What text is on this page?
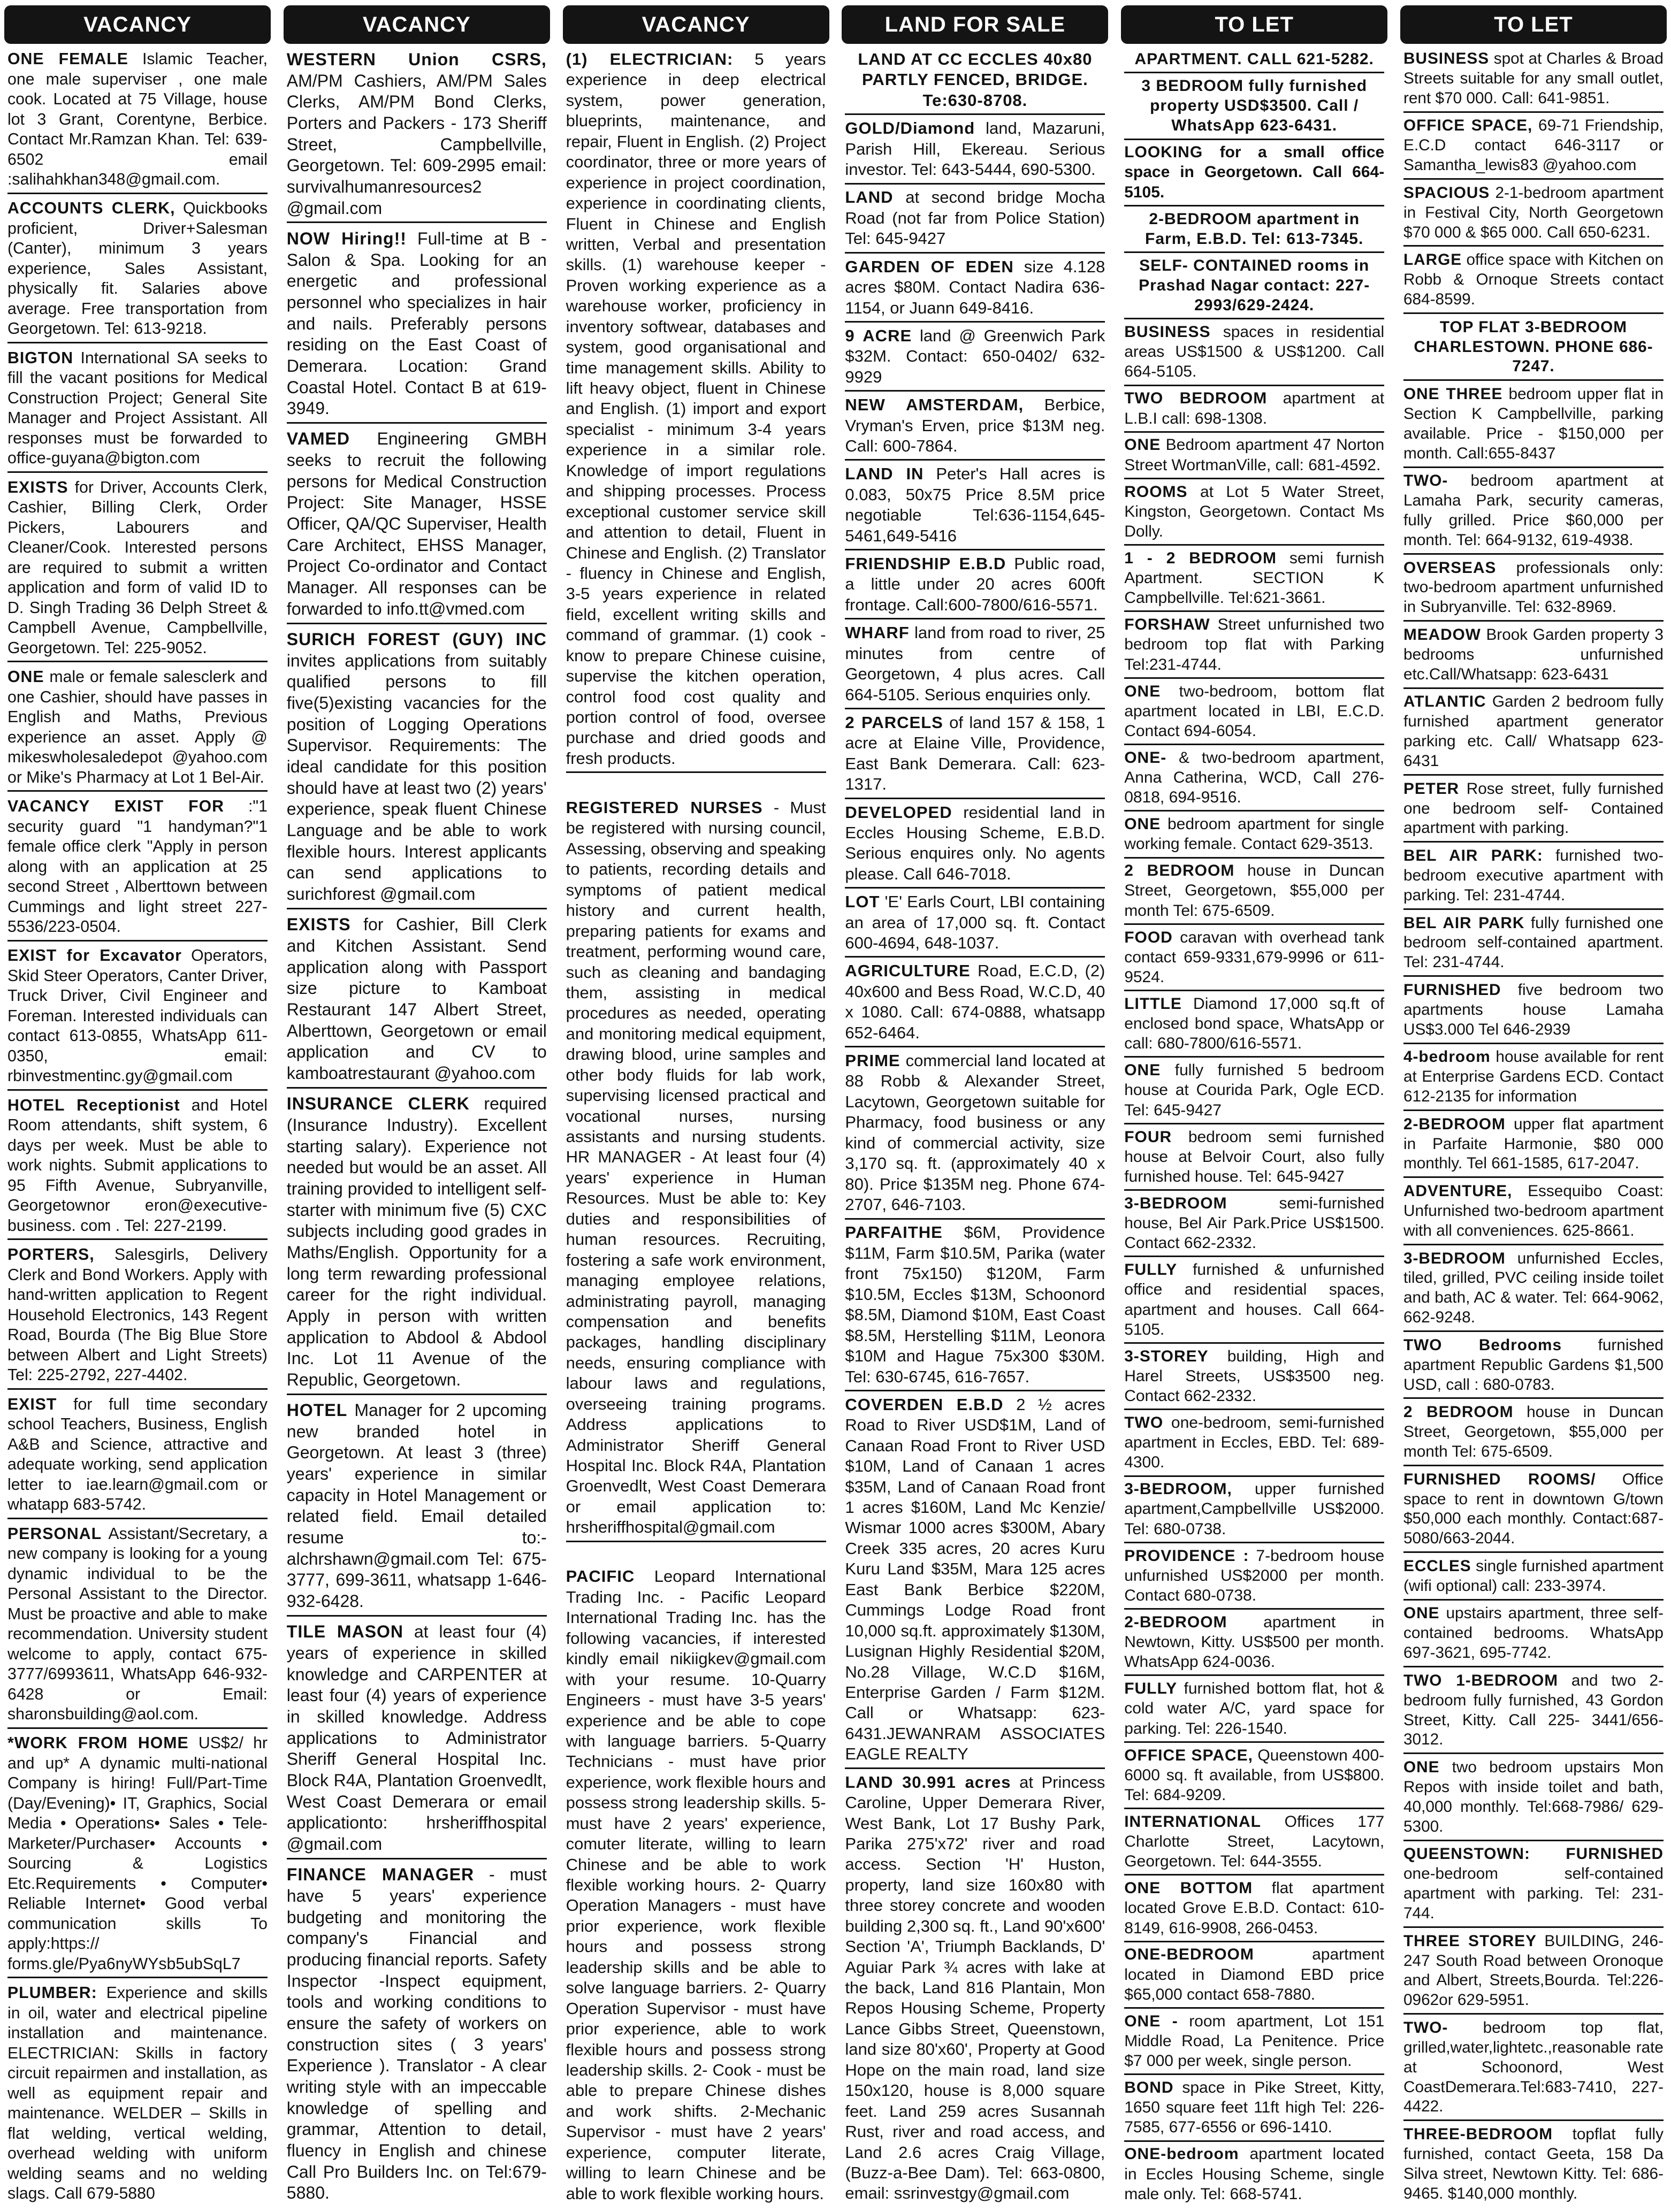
VACANCY
ONE FEMALE Islamic Teacher, one male superviser , one male cook. Located at 75 Village, house lot 3 Grant, Corentyne, Berbice. Contact Mr.Ramzan Khan. Tel: 639-6502 email :salihahkhan348@gmail.com.
ACCOUNTS CLERK, Quickbooks proficient, Driver+Salesman (Canter), minimum 3 years experience, Sales Assistant, physically fit. Salaries above average. Free transportation from Georgetown. Tel: 613-9218.
BIGTON International SA seeks to fill the vacant positions for Medical Construction Project; General Site Manager and Project Assistant. All responses must be forwarded to office-guyana@bigton.com
EXISTS for Driver, Accounts Clerk, Cashier, Billing Clerk, Order Pickers, Labourers and Cleaner/Cook. Interested persons are required to submit a written application and form of valid ID to D. Singh Trading 36 Delph Street & Campbell Avenue, Campbellville, Georgetown. Tel: 225-9052.
ONE male or female salesclerk and one Cashier, should have passes in English and Maths, Previous experience an asset. Apply @ mikeswholesaledepot @yahoo.com or Mike's Pharmacy at Lot 1 Bel-Air.
VACANCY EXIST FOR :"1 security guard "1 handyman?"1 female office clerk "Apply in person along with an application at 25 second Street , Alberttown between Cummings and light street 227-5536/223-0504.
EXIST for Excavator Operators, Skid Steer Operators, Canter Driver, Truck Driver, Civil Engineer and Foreman. Interested individuals can contact 613-0855, WhatsApp 611-0350, email: rbinvestmentinc.gy@gmail.com
HOTEL Receptionist and Hotel Room attendants, shift system, 6 days per week. Must be able to work nights. Submit applications to 95 Fifth Avenue, Subryanville, Georgetownor eron@executive-business. com . Tel: 227-2199.
PORTERS, Salesgirls, Delivery Clerk and Bond Workers. Apply with hand-written application to Regent Household Electronics, 143 Regent Road, Bourda (The Big Blue Store between Albert and Light Streets) Tel: 225-2792, 227-4402.
EXIST for full time secondary school Teachers, Business, English A&B and Science, attractive and adequate working, send application letter to iae.learn@gmail.com or whatapp 683-5742.
PERSONAL Assistant/Secretary, a new company is looking for a young dynamic individual to be the Personal Assistant to the Director. Must be proactive and able to make recommendation. University student welcome to apply, contact 675-3777/6993611, WhatsApp 646-932-6428 or Email: sharonsbuilding@aol.com.
*WORK FROM HOME US$2/ hr and up* A dynamic multi-national Company is hiring! Full/Part-Time (Day/Evening)• IT, Graphics, Social Media • Operations• Sales • Tele-Marketer/Purchaser• Accounts • Sourcing & Logistics Etc.Requirements • Computer• Reliable Internet• Good verbal communication skills To apply:https:// forms.gle/Pya6nyWYsb5ubSqL7
PLUMBER: Experience and skills in oil, water and electrical pipeline installation and maintenance. ELECTRICIAN: Skills in factory circuit repairmen and installation, as well as equipment repair and maintenance. WELDER – Skills in flat welding, vertical welding, overhead welding with uniform welding seams and no welding slags. Call 679-5880
VACANCY
WESTERN Union CSRS, AM/PM Cashiers, AM/PM Sales Clerks, AM/PM Bond Clerks, Porters and Packers - 173 Sheriff Street, Campbellville, Georgetown. Tel: 609-2995 email: survivalhumanresources2 @gmail.com
NOW Hiring!! Full-time at B - Salon & Spa. Looking for an energetic and professional personnel who specializes in hair and nails. Preferably persons residing on the East Coast of Demerara. Location: Grand Coastal Hotel. Contact B at 619-3949.
VAMED Engineering GMBH seeks to recruit the following persons for Medical Construction Project: Site Manager, HSSE Officer, QA/QC Superviser, Health Care Architect, EHSS Manager, Project Co-ordinator and Contact Manager. All responses can be forwarded to info.tt@vmed.com
SURICH FOREST (GUY) INC invites applications from suitably qualified persons to fill five(5)existing vacancies for the position of Logging Operations Supervisor. Requirements: The ideal candidate for this position should have at least two (2) years' experience, speak fluent Chinese Language and be able to work flexible hours. Interest applicants can send applications to surichforest @gmail.com
EXISTS for Cashier, Bill Clerk and Kitchen Assistant. Send application along with Passport size picture to Kamboat Restaurant 147 Albert Street, Alberttown, Georgetown or email application and CV to kamboatrestaurant @yahoo.com
INSURANCE CLERK required (Insurance Industry). Excellent starting salary). Experience not needed but would be an asset. All training provided to intelligent self-starter with minimum five (5) CXC subjects including good grades in Maths/English. Opportunity for a long term rewarding professional career for the right individual. Apply in person with written application to Abdool & Abdool Inc. Lot 11 Avenue of the Republic, Georgetown.
HOTEL Manager for 2 upcoming new branded hotel in Georgetown. At least 3 (three) years' experience in similar capacity in Hotel Management or related field. Email detailed resume to:-alchrshawn@gmail.com Tel: 675-3777, 699-3611, whatsapp 1-646-932-6428.
TILE MASON at least four (4) years of experience in skilled knowledge and CARPENTER at least four (4) years of experience in skilled knowledge. Address applications to Administrator Sheriff General Hospital Inc. Block R4A, Plantation Groenvedlt, West Coast Demerara or email applicationto: hrsheriffhospital @gmail.com
FINANCE MANAGER - must have 5 years' experience budgeting and monitoring the company's Financial and producing financial reports. Safety Inspector -Inspect equipment, tools and working conditions to ensure the safety of workers on construction sites ( 3 years' Experience ). Translator - A clear writing style with an impeccable knowledge of spelling and grammar, Attention to detail, fluency in English and chinese Call Pro Builders Inc. on Tel:679-5880.
VACANCY
(1) ELECTRICIAN: 5 years experience in deep electrical system, power generation, blueprints, maintenance, and repair, Fluent in English. (2) Project coordinator, three or more years of experience in project coordination, experience in coordinating clients, Fluent in Chinese and English written, Verbal and presentation skills. (1) warehouse keeper - Proven working experience as a warehouse worker, proficiency in inventory softwear, databases and system, good organisational and time management skills. Ability to lift heavy object, fluent in Chinese and English. (1) import and export specialist - minimum 3-4 years experience in a similar role. Knowledge of import regulations and shipping processes. Process exceptional customer service skill and attention to detail, Fluent in Chinese and English. (2) Translator - fluency in Chinese and English, 3-5 years experience in related field, excellent writing skills and command of grammar. (1) cook - know to prepare Chinese cuisine, supervise the kitchen operation, control food cost quality and portion control of food, oversee purchase and dried goods and fresh products.
REGISTERED NURSES - Must be registered with nursing council, Assessing, observing and speaking to patients, recording details and symptoms of patient medical history and current health, preparing patients for exams and treatment, performing wound care, such as cleaning and bandaging them, assisting in medical procedures as needed, operating and monitoring medical equipment, drawing blood, urine samples and other body fluids for lab work, supervising licensed practical and vocational nurses, nursing assistants and nursing students. HR MANAGER - At least four (4) years' experience in Human Resources. Must be able to: Key duties and responsibilities of human resources. Recruiting, fostering a safe work environment, managing employee relations, administrating payroll, managing compensation and benefits packages, handling disciplinary needs, ensuring compliance with labour laws and regulations, overseeing training programs. Address applications to Administrator Sheriff General Hospital Inc. Block R4A, Plantation Groenvedlt, West Coast Demerara or email application to: hrsheriffhospital@gmail.com
PACIFIC Leopard International Trading Inc. - Pacific Leopard International Trading Inc. has the following vacancies, if interested kindly email nikiigkev@gmail.com with your resume. 10-Quarry Engineers - must have 3-5 years' experience and be able to cope with language barriers. 5-Quarry Technicians - must have prior experience, work flexible hours and possess strong leadership skills. 5- must have 2 years' experience, comuter literate, willing to learn Chinese and be able to work flexible working hours. 2- Quarry Operation Managers - must have prior experience, work flexible hours and possess strong leadership skills and be able to solve language barriers. 2- Quarry Operation Supervisor - must have prior experience, able to work flexible hours and possess strong leadership skills. 2- Cook - must be able to prepare Chinese dishes and work shifts. 2-Mechanic Supervisor - must have 2 years' experience, computer literate, willing to learn Chinese and be able to work flexible working hours.
LAND FOR SALE
LAND AT CC ECCLES 40x80 PARTLY FENCED, BRIDGE. Te:630-8708.
GOLD/Diamond land, Mazaruni, Parish Hill, Ekereau. Serious investor. Tel: 643-5444, 690-5300.
LAND at second bridge Mocha Road (not far from Police Station) Tel: 645-9427
GARDEN OF EDEN size 4.128 acres $80M. Contact Nadira 636-1154, or Juann 649-8416.
9 ACRE land @ Greenwich Park $32M. Contact: 650-0402/ 632-9929
NEW AMSTERDAM, Berbice, Vryman's Erven, price $13M neg. Call: 600-7864.
LAND IN Peter's Hall acres is 0.083, 50x75 Price 8.5M price negotiable Tel:636-1154,645-5461,649-5416
FRIENDSHIP E.B.D Public road, a little under 20 acres 600ft frontage. Call:600-7800/616-5571.
WHARF land from road to river, 25 minutes from centre of Georgetown, 4 plus acres. Call 664-5105. Serious enquiries only.
2 PARCELS of land 157 & 158, 1 acre at Elaine Ville, Providence, East Bank Demerara. Call: 623-1317.
DEVELOPED residential land in Eccles Housing Scheme, E.B.D. Serious enquires only. No agents please. Call 646-7018.
LOT 'E' Earls Court, LBI containing an area of 17,000 sq. ft. Contact 600-4694, 648-1037.
AGRICULTURE Road, E.C.D, (2) 40x600 and Bess Road, W.C.D, 40 x 1080. Call: 674-0888, whatsapp 652-6464.
PRIME commercial land located at 88 Robb & Alexander Street, Lacytown, Georgetown suitable for Pharmacy, food business or any kind of commercial activity, size 3,170 sq. ft. (approximately 40 x 80). Price $135M neg. Phone 674-2707, 646-7103.
PARFAITHE $6M, Providence $11M, Farm $10.5M, Parika (water front 75x150) $120M, Farm $10.5M, Eccles $13M, Schoonord $8.5M, Diamond $10M, East Coast $8.5M, Herstelling $11M, Leonora $10M and Hague 75x300 $30M. Tel: 630-6745, 616-7657.
COVERDEN E.B.D 2 ½ acres Road to River USD$1M, Land of Canaan Road Front to River USD $10M, Land of Canaan 1 acres $35M, Land of Canaan Road front 1 acres $160M, Land Mc Kenzie/ Wismar 1000 acres $300M, Abary Creek 335 acres, 20 acres Kuru Kuru Land $35M, Mara 125 acres East Bank Berbice $220M, Cummings Lodge Road front 10,000 sq.ft. approximately $130M, Lusignan Highly Residential $20M, No.28 Village, W.C.D $16M, Enterprise Garden / Farm $12M. Call or Whatsapp: 623-6431.JEWANRAM ASSOCIATES EAGLE REALTY
LAND 30.991 acres at Princess Caroline, Upper Demerara River, West Bank, Lot 17 Bushy Park, Parika 275'x72' river and road access. Section 'H' Huston, property, land size 160x80 with three storey concrete and wooden building 2,300 sq. ft., Land 90'x600' Section 'A', Triumph Backlands, D' Aguiar Park ¾ acres with lake at the back, Land 816 Plantain, Mon Repos Housing Scheme, Property Lance Gibbs Street, Queenstown, land size 80'x60', Property at Good Hope on the main road, land size 150x120, house is 8,000 square feet. Land 259 acres Susannah Rust, river and road access, and Land 2.6 acres Craig Village, (Buzz-a-Bee Dam). Tel: 663-0800, email: ssrinvestgy@gmail.com
TO LET
APARTMENT. CALL 621-5282.
3 BEDROOM fully furnished property USD$3500. Call / WhatsApp 623-6431.
LOOKING for a small office space in Georgetown. Call 664-5105.
2-BEDROOM apartment in Farm, E.B.D. Tel: 613-7345.
SELF- CONTAINED rooms in Prashad Nagar contact: 227-2993/629-2424.
BUSINESS spaces in residential areas US$1500 & US$1200. Call 664-5105.
TWO BEDROOM apartment at L.B.I call: 698-1308.
ONE Bedroom apartment 47 Norton Street WortmanVille, call: 681-4592.
ROOMS at Lot 5 Water Street, Kingston, Georgetown. Contact Ms Dolly.
1 - 2 BEDROOM semi furnish Apartment. SECTION K Campbellville. Tel:621-3661.
FORSHAW Street unfurnished two bedroom top flat with Parking Tel:231-4744.
ONE two-bedroom, bottom flat apartment located in LBI, E.C.D. Contact 694-6054.
ONE- & two-bedroom apartment, Anna Catherina, WCD, Call 276-0818, 694-9516.
ONE bedroom apartment for single working female. Contact 629-3513.
2 BEDROOM house in Duncan Street, Georgetown, $55,000 per month Tel: 675-6509.
FOOD caravan with overhead tank contact 659-9331,679-9996 or 611-9524.
LITTLE Diamond 17,000 sq.ft of enclosed bond space, WhatsApp or call: 680-7800/616-5571.
ONE fully furnished 5 bedroom house at Courida Park, Ogle ECD. Tel: 645-9427
FOUR bedroom semi furnished house at Belvoir Court, also fully furnished house. Tel: 645-9427
3-BEDROOM	semi-furnished house, Bel Air Park.Price US$1500. Contact 662-2332.
FULLY furnished & unfurnished office and residential spaces, apartment and houses. Call 664-5105.
3-STOREY building, High and Harel Streets, US$3500 neg. Contact 662-2332.
TWO one-bedroom, semi-furnished apartment in Eccles, EBD. Tel: 689-4300.
3-BEDROOM, upper furnished apartment,Campbellville US$2000. Tel: 680-0738.
PROVIDENCE : 7-bedroom house unfurnished US$2000 per month. Contact 680-0738.
2-BEDROOM apartment in Newtown, Kitty. US$500 per month. WhatsApp 624-0036.
FULLY furnished bottom flat, hot & cold water A/C, yard space for parking. Tel: 226-1540.
OFFICE SPACE, Queenstown 400-6000 sq. ft available, from US$800. Tel: 684-9209.
INTERNATIONAL Offices 177 Charlotte Street, Lacytown, Georgetown. Tel: 644-3555.
ONE BOTTOM flat apartment located Grove E.B.D. Contact: 610-8149, 616-9908, 266-0453.
ONE-BEDROOM	apartment located in Diamond EBD price $65,000 contact 658-7880.
ONE - room apartment, Lot 151 Middle Road, La Penitence. Price $7 000 per week, single person.
BOND space in Pike Street, Kitty, 1650 square feet 11ft high Tel: 226-7585, 677-6556 or 696-1410.
ONE-bedroom apartment located in Eccles Housing Scheme, single male only. Tel: 668-5741.
TO LET
BUSINESS spot at Charles & Broad Streets suitable for any small outlet, rent $70 000. Call: 641-9851.
OFFICE SPACE, 69-71 Friendship, E.C.D contact 646-3117 or Samantha_lewis83 @yahoo.com
SPACIOUS 2-1-bedroom apartment in Festival City, North Georgetown $70 000 & $65 000. Call 650-6231.
LARGE office space with Kitchen on Robb & Ornoque Streets contact 684-8599.
TOP FLAT 3-BEDROOM CHARLESTOWN. PHONE 686-7247.
ONE THREE bedroom upper flat in Section K Campbellville, parking available. Price - $150,000 per month. Call:655-8437
TWO- bedroom apartment at Lamaha Park, security cameras, fully grilled. Price $60,000 per month. Tel: 664-9132, 619-4938.
OVERSEAS professionals only: two-bedroom apartment unfurnished in Subryanville. Tel: 632-8969.
MEADOW Brook Garden property 3 bedrooms unfurnished etc.Call/Whatsapp: 623-6431
ATLANTIC Garden 2 bedroom fully furnished apartment generator parking etc. Call/ Whatsapp 623-6431
PETER Rose street, fully furnished one bedroom self- Contained apartment with parking.
BEL AIR PARK: furnished two-bedroom executive apartment with parking. Tel: 231-4744.
BEL AIR PARK fully furnished one bedroom self-contained apartment. Tel: 231-4744.
FURNISHED five bedroom two apartments house Lamaha US$3.000 Tel 646-2939
4-bedroom house available for rent at Enterprise Gardens ECD. Contact 612-2135 for information
2-BEDROOM upper flat apartment in Parfaite Harmonie, $80 000 monthly. Tel 661-1585, 617-2047.
ADVENTURE, Essequibo Coast: Unfurnished two-bedroom apartment with all conveniences. 625-8661.
3-BEDROOM unfurnished Eccles, tiled, grilled, PVC ceiling inside toilet and bath, AC & water. Tel: 664-9062, 662-9248.
TWO Bedrooms furnished apartment Republic Gardens $1,500 USD, call : 680-0783.
2 BEDROOM house in Duncan Street, Georgetown, $55,000 per month Tel: 675-6509.
FURNISHED ROOMS/ Office space to rent in downtown G/town $50,000 each monthly. Contact:687-5080/663-2044.
ECCLES single furnished apartment (wifi optional) call: 233-3974.
ONE upstairs apartment, three self-contained bedrooms. WhatsApp 697-3621, 695-7742.
TWO 1-BEDROOM and two 2-bedroom fully furnished, 43 Gordon Street, Kitty. Call 225- 3441/656-3012.
ONE two bedroom upstairs Mon Repos with inside toilet and bath, 40,000 monthly. Tel:668-7986/ 629-5300.
QUEENSTOWN: FURNISHED one-bedroom self-contained apartment with parking. Tel: 231-744.
THREE STOREY BUILDING, 246-247 South Road between Oronoque and Albert, Streets,Bourda. Tel:226-0962or 629-5951.
TWO- bedroom top flat, grilled,water,lightetc.,reasonable rate at Schoonord, West CoastDemerara.Tel:683-7410, 227-4422.
THREE-BEDROOM topflat fully furnished, contact Geeta, 158 Da Silva street, Newtown Kitty. Tel: 686-9465. $140,000 monthly.
